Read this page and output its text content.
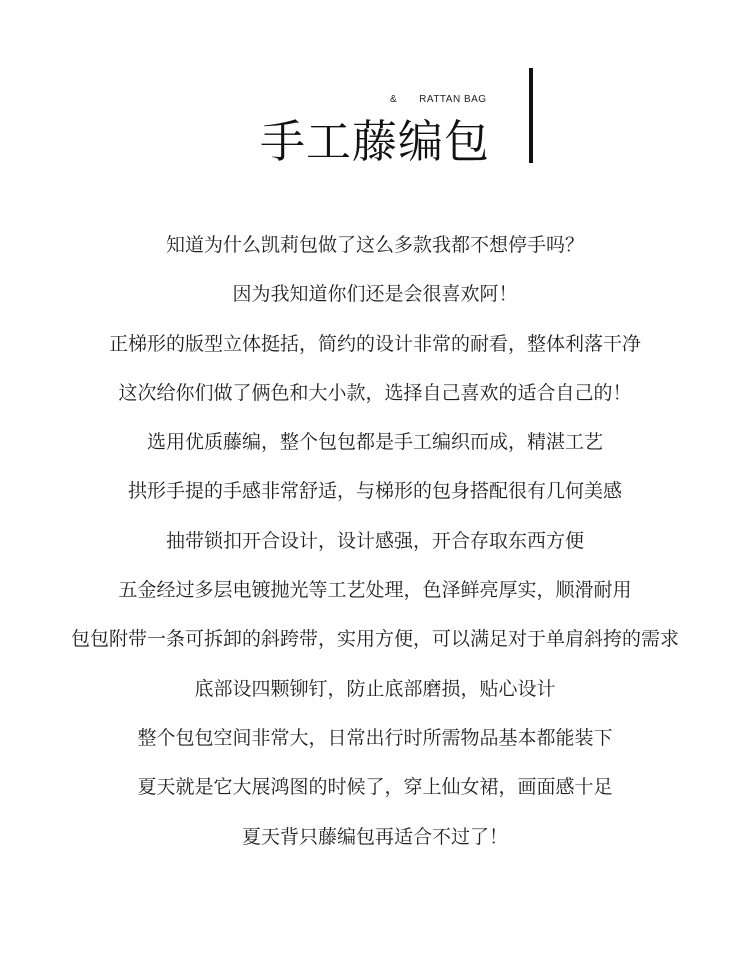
& RATTAN BAG
手工藤编包
知道为什么凯莉包做了这么多款我都不想停手吗？
因为我知道你们还是会很喜欢阿！
正梯形的版型立体挺括，简约的设计非常的耐看，整体利落干净
这次给你们做了俩色和大小款，选择自己喜欢的适合自己的！
选用优质藤编，整个包包都是手工编织而成，精湛工艺
拱形手提的手感非常舒适，与梯形的包身搭配很有几何美感
抽带锁扣开合设计，设计感强，开合存取东西方便
五金经过多层电镀抛光等工艺处理，色泽鲜亮厚实，顺滑耐用
包包附带一条可拆卸的斜跨带，实用方便，可以满足对于单肩斜挎的需求
底部设四颗铆钉，防止底部磨损，贴心设计
整个包包空间非常大，日常出行时所需物品基本都能装下
夏天就是它大展鸿图的时候了，穿上仙女裙，画面感十足
夏天背只藤编包再适合不过了！
